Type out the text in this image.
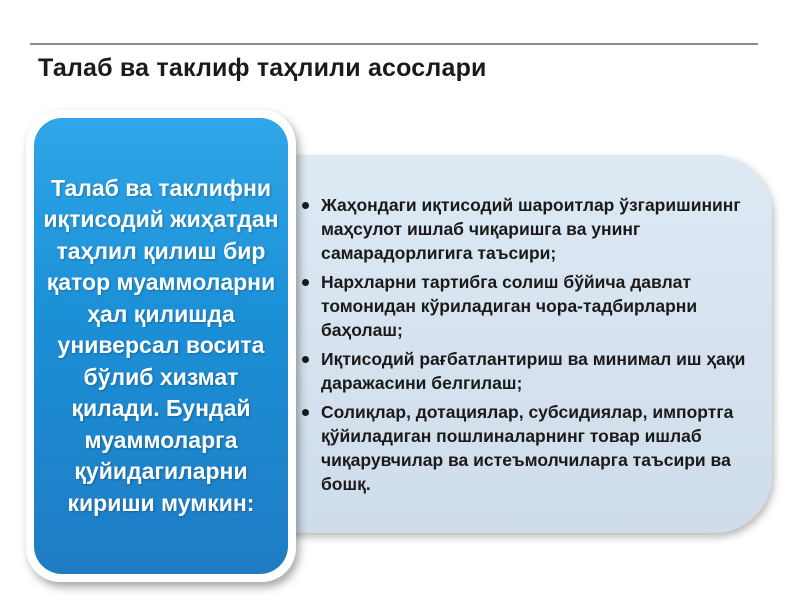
Талаб ва таклиф таҳлили асослари
Жаҳондаги иқтисодий шароитлар ўзгаришининг маҳсулот ишлаб чиқаришга ва унинг самарадорлигига таъсири;
Нархларни тартибга солиш бўйича давлат томонидан кўриладиган чора-тадбирларни баҳолаш;
Иқтисодий рағбатлантириш ва минимал иш ҳақи даражасини белгилаш;
Солиқлар, дотациялар, субсидиялар, импортга қўйиладиган пошлиналарнинг товар ишлаб чиқарувчилар ва истеъмолчиларга таъсири ва бошқ.

Талаб ва таклифни иқтисодий жиҳатдан таҳлил қилиш бир қатор муаммоларни ҳал қилишда универсал восита бўлиб хизмат қилади. Бундай муаммоларга қуйидагиларни кириши мумкин:
